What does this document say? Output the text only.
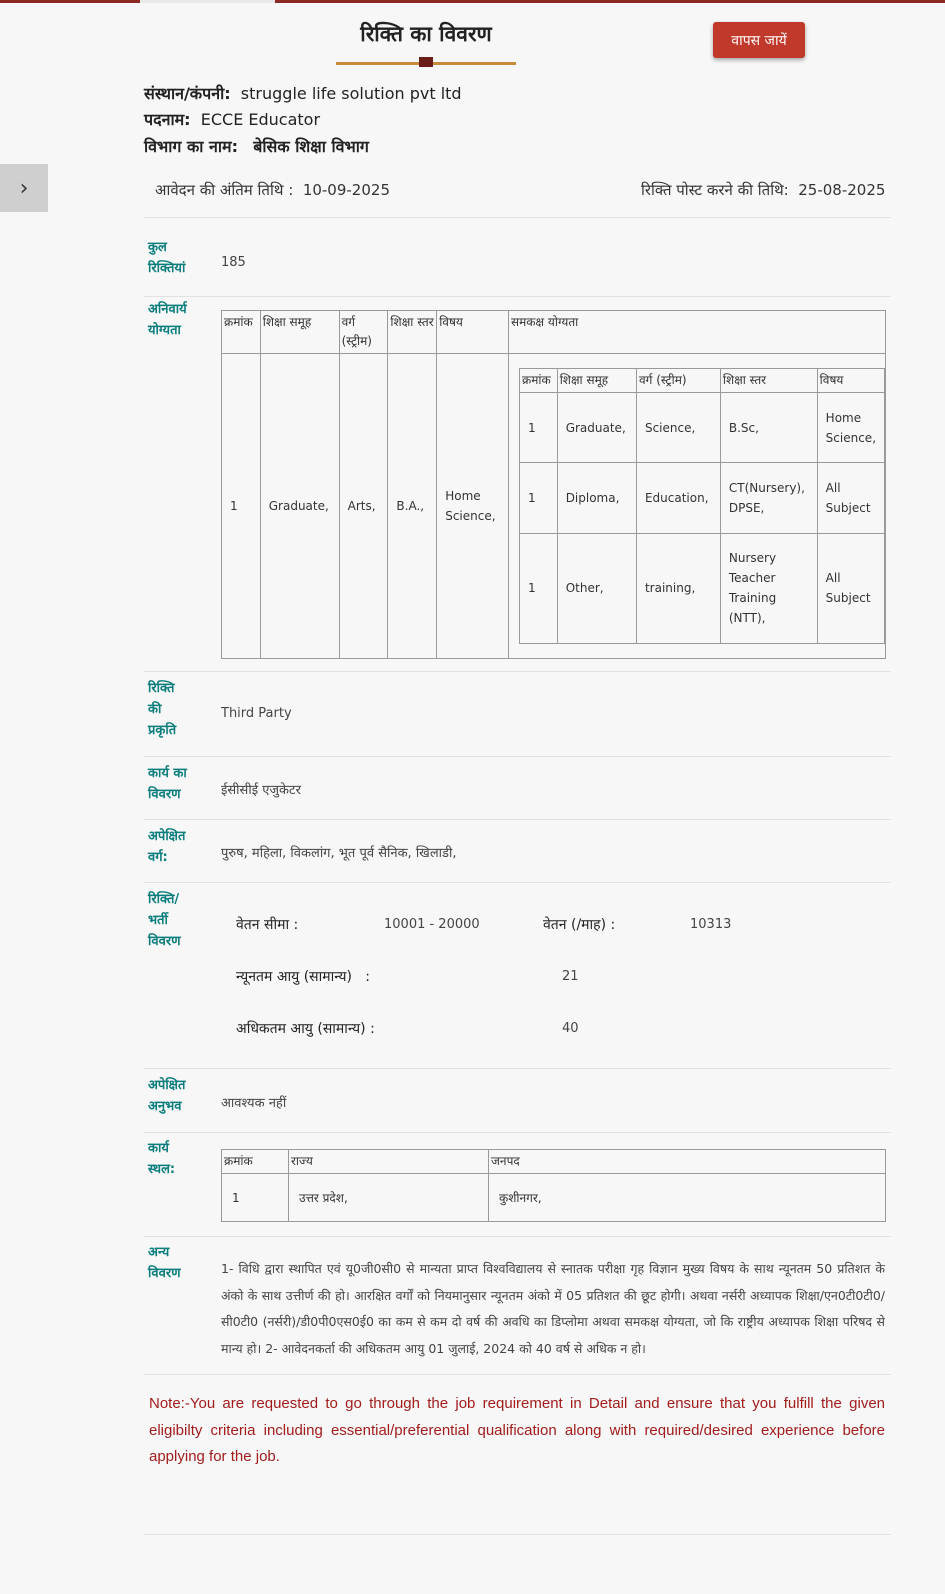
›
रिक्ति का विवरण	वापस जायें
संस्थान/कंपनी: struggle life solution pvt ltd
पदनाम: ECCE Educator
विभाग का नाम: बेसिक शिक्षा विभाग
आवेदन की अंतिम तिथि : 10-09-2025	रिक्ति पोस्ट करने की तिथि: 25-08-2025
कुल रिक्तियां	185
अनिवार्य योग्यता
क्रमांक	शिक्षा समूह	वर्ग (स्ट्रीम)	शिक्षा स्तर	विषय	समकक्ष योग्यता
1	Graduate,	Arts,	B.A.,	Home Science,	
क्रमांक	शिक्षा समूह	वर्ग (स्ट्रीम)	शिक्षा स्तर	विषय
1	Graduate,	Science,	B.Sc,	Home Science,
1	Diploma,	Education,	CT(Nursery), DPSE,	All Subject
1	Other,	training,	Nursery Teacher Training (NTT),	All Subject
रिक्ति की प्रकृति
Third Party
कार्य का विवरण	ईसीसीई एजुकेटर
अपेक्षित वर्ग:	पुरुष, महिला, विकलांग, भूत पूर्व सैनिक, खिलाडी,
रिक्ति/ भर्ती विवरण
वेतन सीमा :	10001 - 20000	वेतन (/माह) :	10313
न्यूनतम आयु (सामान्य)   :	21
अधिकतम आयु (सामान्य) :	40
अपेक्षित अनुभव	आवश्यक नहीं
कार्य स्थल:
क्रमांक	राज्य	जनपद
1	उत्तर प्रदेश,	कुशीनगर,
अन्य विवरण	1- विधि द्वारा स्थापित एवं यू0जी0सी0 से मान्यता प्राप्त विश्वविद्यालय से स्नातक परीक्षा गृह विज्ञान मुख्य विषय के साथ न्यूनतम 50 प्रतिशत के अंको के साथ उत्तीर्ण की हो। आरक्षित वर्गों को नियमानुसार न्यूनतम अंको में 05 प्रतिशत की छूट होगी। अथवा नर्सरी अध्यापक शिक्षा/एन0टी0टी0/सी0टी0 (नर्सरी)/डी0पी0एस0ई0 का कम से कम दो वर्ष की अवधि का डिप्लोमा अथवा समकक्ष योग्यता, जो कि राष्ट्रीय अध्यापक शिक्षा परिषद से मान्य हो। 2- आवेदनकर्ता की अधिकतम आयु 01 जुलाई, 2024 को 40 वर्ष से अधिक न हो।
Note:-You are requested to go through the job requirement in Detail and ensure that you fulfill the given eligibilty criteria including essential/preferential qualification along with required/desired experience before applying for the job.
